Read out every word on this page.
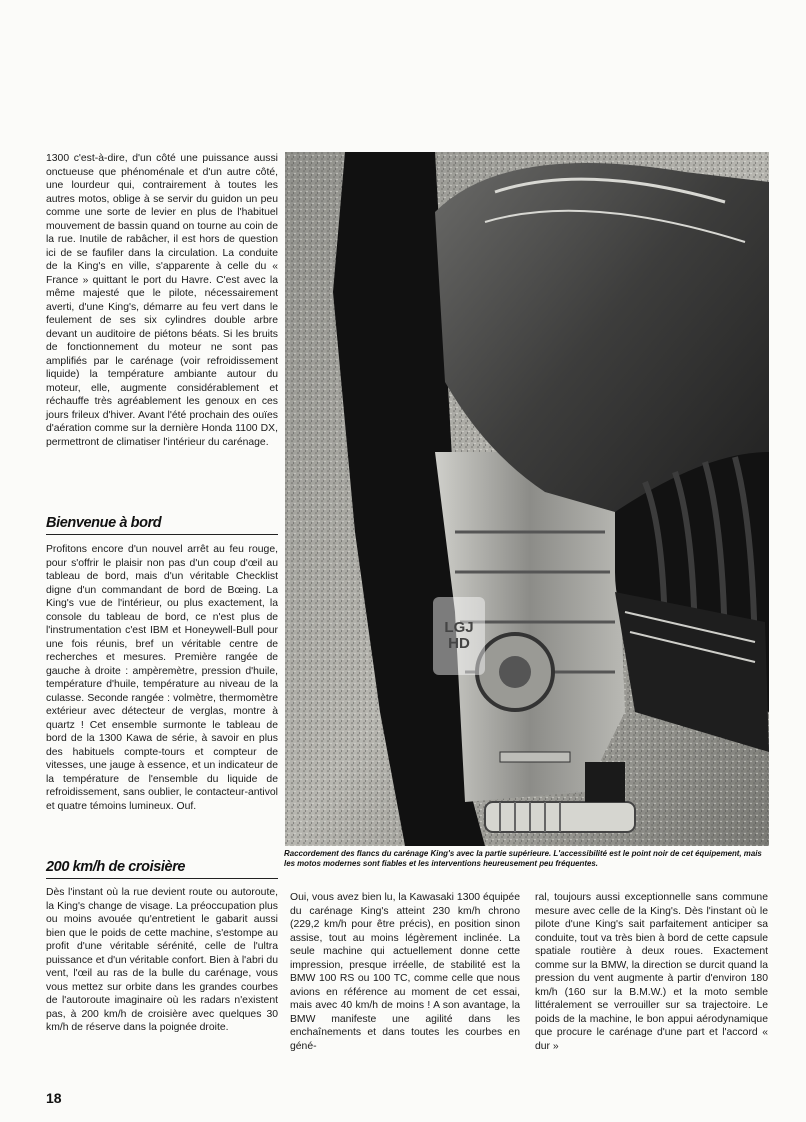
1300 c'est-à-dire, d'un côté une puissance aussi onctueuse que phénoménale et d'un autre côté, une lourdeur qui, contrairement à toutes les autres motos, oblige à se servir du guidon un peu comme une sorte de levier en plus de l'habituel mouvement de bassin quand on tourne au coin de la rue. Inutile de rabâcher, il est hors de question ici de se faufiler dans la circulation. La conduite de la King's en ville, s'apparente à celle du « France » quittant le port du Havre. C'est avec la même majesté que le pilote, nécessairement averti, d'une King's, démarre au feu vert dans le feulement de ses six cylindres double arbre devant un auditoire de piétons béats. Si les bruits de fonctionnement du moteur ne sont pas amplifiés par le carénage (voir refroidissement liquide) la température ambiante autour du moteur, elle, augmente considérablement et réchauffe très agréablement les genoux en ces jours frileux d'hiver. Avant l'été prochain des ouïes d'aération comme sur la dernière Honda 1100 DX, permettront de climatiser l'intérieur du carénage.

Bienvenue à bord

Profitons encore d'un nouvel arrêt au feu rouge, pour s'offrir le plaisir non pas d'un coup d'œil au tableau de bord, mais d'un véritable Checklist digne d'un commandant de bord de Bœing. La King's vue de l'intérieur, ou plus exactement, la console du tableau de bord, ce n'est plus de l'instrumentation c'est IBM et Honeywell-Bull pour une fois réunis, bref un véritable centre de recherches et mesures. Première rangée de gauche à droite : ampèremètre, pression d'huile, température d'huile, température au niveau de la culasse. Seconde rangée : volmètre, thermomètre extérieur avec détecteur de verglas, montre à quartz ! Cet ensemble surmonte le tableau de bord de la 1300 Kawa de série, à savoir en plus des habituels compte-tours et compteur de vitesses, une jauge à essence, et un indicateur de la température de l'ensemble du liquide de refroidissement, sans oublier, le contacteur-antivol et quatre témoins lumineux. Ouf.

200 km/h de croisière

Dès l'instant où la rue devient route ou autoroute, la King's change de visage. La préoccupation plus ou moins avouée qu'entretient le gabarit aussi bien que le poids de cette machine, s'estompe au profit d'une véritable sérénité, celle de l'ultra puissance et d'un véritable confort. Bien à l'abri du vent, l'œil au ras de la bulle du carénage, vous vous mettez sur orbite dans les grandes courbes de l'autoroute imaginaire où les radars n'existent pas, à 200 km/h de croisière avec quelques 30 km/h de réserve dans la poignée droite.

Oui, vous avez bien lu, la Kawasaki 1300 équipée du carénage King's atteint 230 km/h chrono (229,2 km/h pour être précis), en position sinon assise, tout au moins légèrement inclinée. La seule machine qui actuellement donne cette impression, presque irréelle, de stabilité est la BMW 100 RS ou 100 TC, comme celle que nous avions en référence au moment de cet essai, mais avec 40 km/h de moins ! A son avantage, la BMW manifeste une agilité dans les enchaînements et dans toutes les courbes en géné-

ral, toujours aussi exceptionnelle sans commune mesure avec celle de la King's. Dès l'instant où le pilote d'une King's sait parfaitement anticiper sa conduite, tout va très bien à bord de cette capsule spatiale routière à deux roues. Exactement comme sur la BMW, la direction se durcit quand la pression du vent augmente à partir d'environ 180 km/h (160 sur la B.M.W.) et la moto semble littéralement se verrouiller sur sa trajectoire. Le poids de la machine, le bon appui aérodynamique que procure le carénage d'une part et l'accord « dur »

LGJ HD
Raccordement des flancs du carénage King's avec la partie supérieure. L'accessibilité est le point noir de cet équipement, mais les motos modernes sont fiables et les interventions heureusement peu fréquentes.
18
